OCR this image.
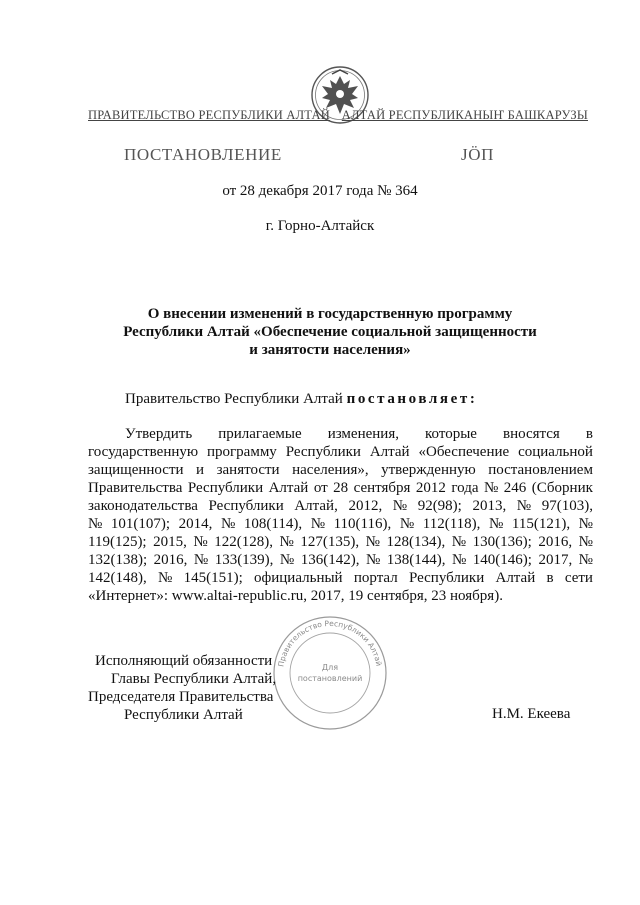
ПРАВИТЕЛЬСТВО РЕСПУБЛИКИ АЛТАЙ АЛТАЙ РЕСПУБЛИКАНЫҤ БАШКАРУЗЫ
ПОСТАНОВЛЕНИЕ	JÖП
от 28 декабря 2017 года № 364
г. Горно-Алтайск
О внесении изменений в государственную программу
Республики Алтай «Обеспечение социальной защищенности
и занятости населения»
Правительство Республики Алтай постановляет:
Утвердить прилагаемые изменения, которые вносятся в
государственную программу Республики Алтай «Обеспечение социальной
защищенности и занятости населения», утвержденную постановлением
Правительства Республики Алтай от 28 сентября 2012 года № 246 (Сборник
законодательства Республики Алтай, 2012, № 92(98); 2013, № 97(103),
№ 101(107); 2014, № 108(114), № 110(116), № 112(118), № 115(121), №
119(125); 2015, № 122(128), № 127(135), № 128(134), № 130(136); 2016, №
132(138); 2016, № 133(139), № 136(142), № 138(144), № 140(146); 2017, №
142(148), № 145(151); официальный портал Республики Алтай в сети
«Интернет»: www.altai-republic.ru, 2017, 19 сентября, 23 ноября).
Правительство Республики Алтай
Для
постановлений
Исполняющий обязанности
Главы Республики Алтай,
Председателя Правительства
Республики Алтай	Н.М. Екеева
